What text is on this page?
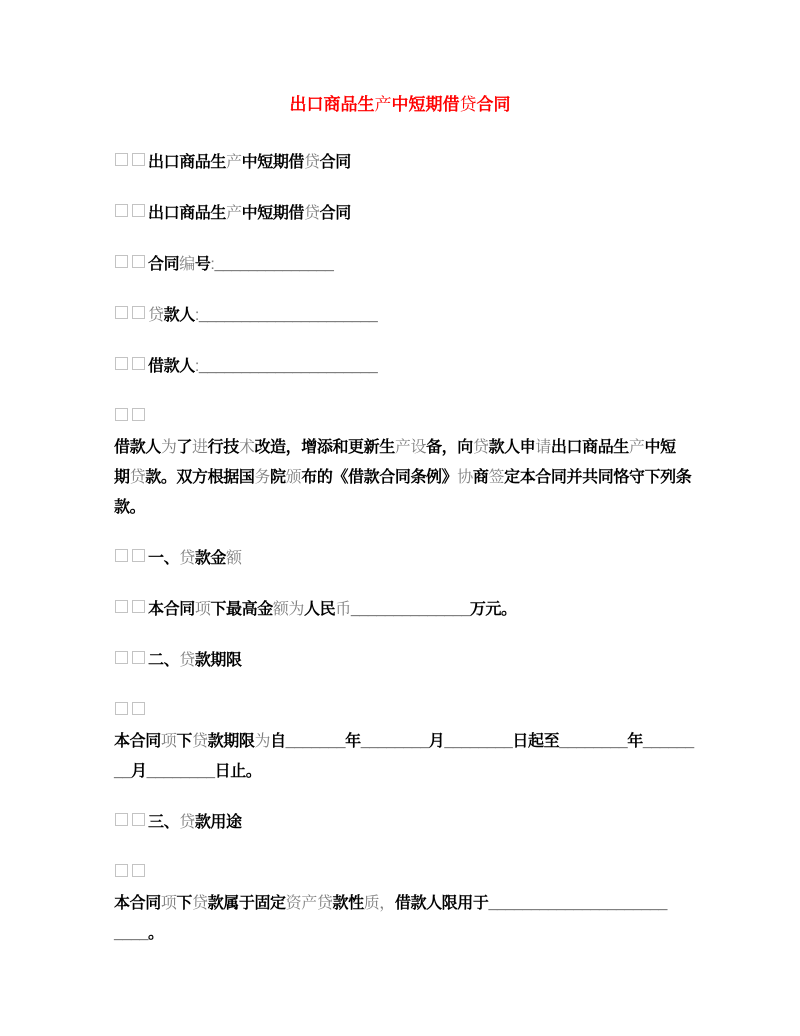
出口商品生产中短期借贷合同

出口商品生产中短期借贷合同

出口商品生产中短期借贷合同

合同编号:______________

贷款人:_____________________

借款人:_____________________

借款人为了进行技术改造，增添和更新生产设备，向贷款人申请出口商品生产中短
期贷款。双方根据国务院颁布的《借款合同条例》协商签定本合同并共同恪守下列条
款。

一、贷款金额

本合同项下最高金额为人民币______________万元。

二、贷款期限

本合同项下贷款期限为自_______年________月________日起至________年______
__月________日止。

三、贷款用途

本合同项下贷款属于固定资产贷款性质，借款人限用于_____________________
____。
